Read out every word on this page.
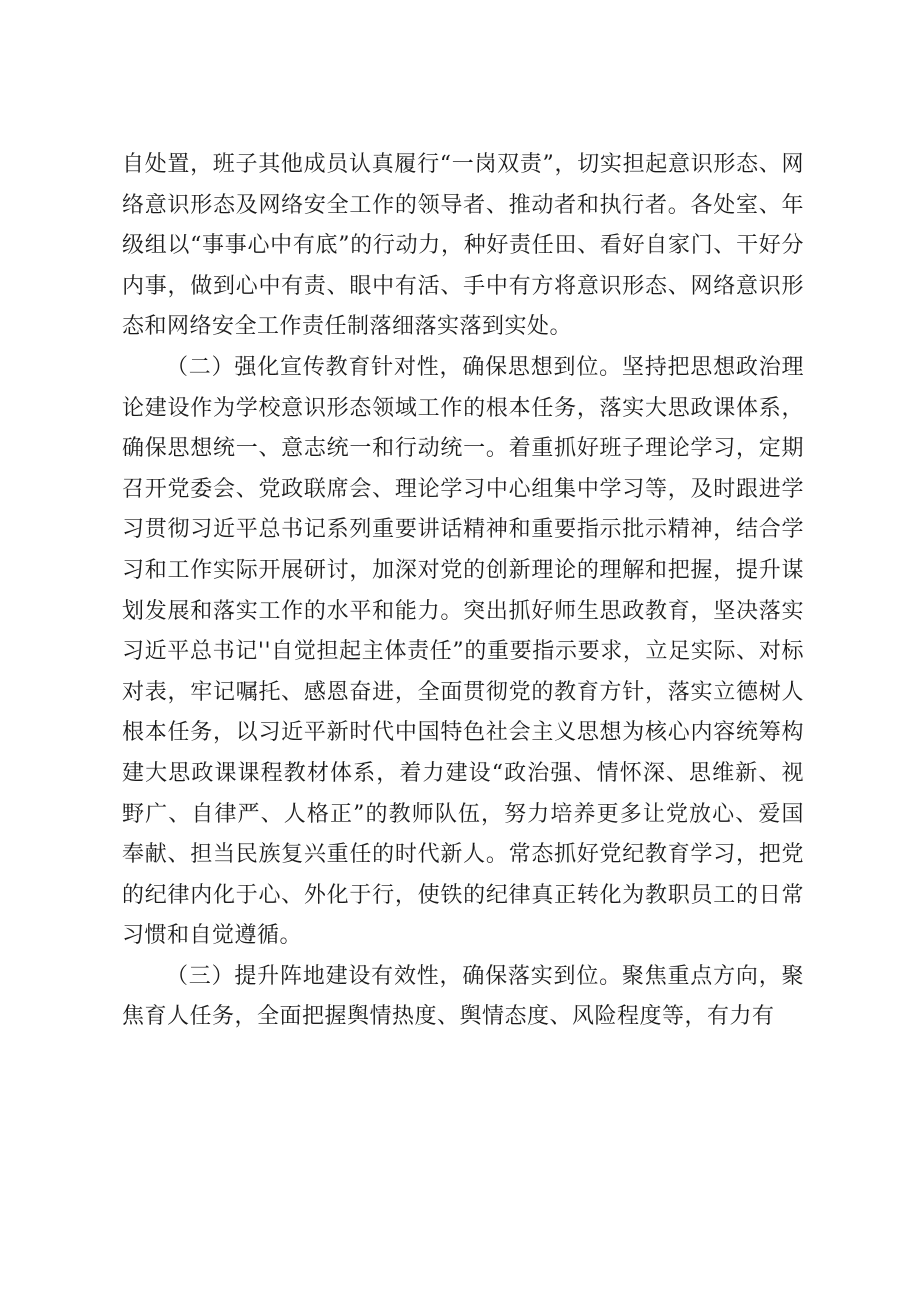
自处置，班子其他成员认真履行“一岗双责”，切实担起意识形态、网络意识形态及网络安全工作的领导者、推动者和执行者。各处室、年级组以“事事心中有底”的行动力，种好责任田、看好自家门、干好分内事，做到心中有责、眼中有活、手中有方将意识形态、网络意识形态和网络安全工作责任制落细落实落到实处。

（二）强化宣传教育针对性，确保思想到位。坚持把思想政治理论建设作为学校意识形态领域工作的根本任务，落实大思政课体系，确保思想统一、意志统一和行动统一。着重抓好班子理论学习，定期召开党委会、党政联席会、理论学习中心组集中学习等，及时跟进学习贯彻习近平总书记系列重要讲话精神和重要指示批示精神，结合学习和工作实际开展研讨，加深对党的创新理论的理解和把握，提升谋划发展和落实工作的水平和能力。突出抓好师生思政教育，坚决落实习近平总书记''自觉担起主体责任”的重要指示要求，立足实际、对标对表，牢记嘱托、感恩奋进，全面贯彻党的教育方针，落实立德树人根本任务，以习近平新时代中国特色社会主义思想为核心内容统筹构建大思政课课程教材体系，着力建设“政治强、情怀深、思维新、视野广、自律严、人格正”的教师队伍，努力培养更多让党放心、爱国奉献、担当民族复兴重任的时代新人。常态抓好党纪教育学习，把党的纪律内化于心、外化于行，使铁的纪律真正转化为教职员工的日常习惯和自觉遵循。

（三）提升阵地建设有效性，确保落实到位。聚焦重点方向，聚焦育人任务，全面把握舆情热度、舆情态度、风险程度等，有力有
